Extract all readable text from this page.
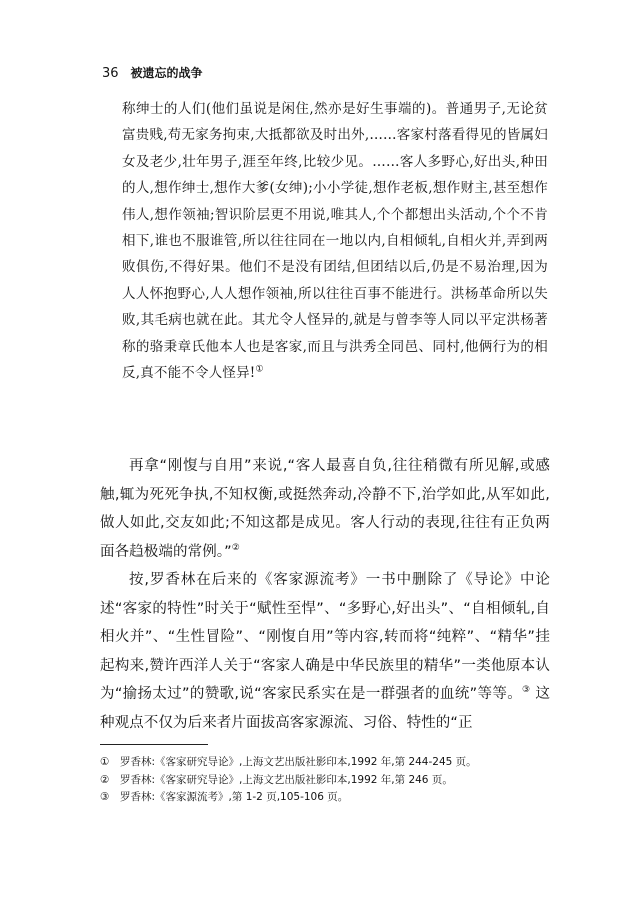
36 被遗忘的战争
称绅士的人们(他们虽说是闲住,然亦是好生事端的)。普通男子,无论贫富贵贱,苟无家务拘束,大抵都欲及时出外,……客家村落看得见的皆属妇女及老少,壮年男子,涯至年终,比较少见。……客人多野心,好出头,种田的人,想作绅士,想作大爹(女绅);小小学徒,想作老板,想作财主,甚至想作伟人,想作领袖;智识阶层更不用说,唯其人,个个都想出头活动,个个不肯相下,谁也不服谁管,所以往往同在一地以内,自相倾轧,自相火并,弄到两败俱伤,不得好果。他们不是没有团结,但团结以后,仍是不易治理,因为人人怀抱野心,人人想作领袖,所以往往百事不能进行。洪杨革命所以失败,其毛病也就在此。其尤令人怪异的,就是与曾李等人同以平定洪杨著称的骆秉章氏他本人也是客家,而且与洪秀全同邑、同村,他俩行为的相反,真不能不令人怪异!①
再拿“刚愎与自用”来说,“客人最喜自负,往往稍微有所见解,或感触,辄为死死争执,不知权衡,或挺然奔动,冷静不下,治学如此,从军如此,做人如此,交友如此;不知这都是成见。客人行动的表现,往往有正负两面各趋极端的常例。”②
按,罗香林在后来的《客家源流考》一书中删除了《导论》中论述“客家的特性”时关于“赋性至悍”、“多野心,好出头”、“自相倾轧,自相火并”、“生性冒险”、“刚愎自用”等内容,转而将“纯粹”、“精华”挂起构来,赞许西洋人关于“客家人确是中华民族里的精华”一类他原本认为“揄扬太过”的赞歌,说“客家民系实在是一群强者的血统”等等。③ 这种观点不仅为后来者片面拔高客家源流、习俗、特性的“正
①	罗香林:《客家研究导论》,上海文艺出版社影印本,1992 年,第 244-245 页。
②	罗香林:《客家研究导论》,上海文艺出版社影印本,1992 年,第 246 页。
③	罗香林:《客家源流考》,第 1-2 页,105-106 页。
